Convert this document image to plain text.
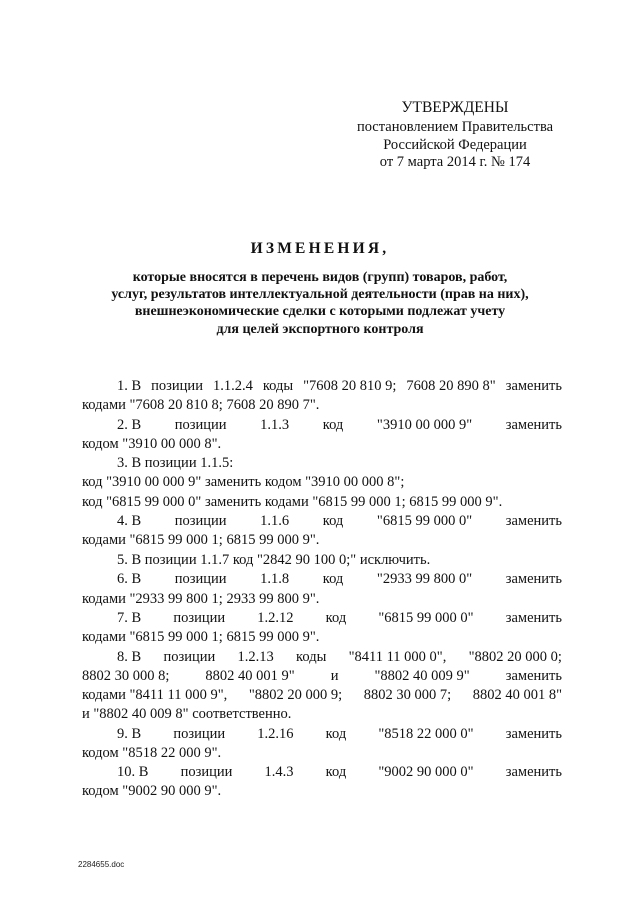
УТВЕРЖДЕНЫ
постановлением Правительства
Российской Федерации
от 7 марта 2014 г. № 174
ИЗМЕНЕНИЯ,
которые вносятся в перечень видов (групп) товаров, работ,
услуг, результатов интеллектуальной деятельности (прав на них),
внешнеэкономические сделки с которыми подлежат учету
для целей экспортного контроля
1. В позиции 1.1.2.4 коды "7608 20 810 9; 7608 20 890 8" заменить
кодами "7608 20 810 8; 7608 20 890 7".
2. В позиции 1.1.3 код "3910 00 000 9" заменить
кодом "3910 00 000 8".
3. В позиции 1.1.5:
код "3910 00 000 9" заменить кодом "3910 00 000 8";
код "6815 99 000 0" заменить кодами "6815 99 000 1; 6815 99 000 9".
4. В позиции 1.1.6 код "6815 99 000 0" заменить
кодами "6815 99 000 1; 6815 99 000 9".
5. В позиции 1.1.7 код "2842 90 100 0;" исключить.
6. В позиции 1.1.8 код "2933 99 800 0" заменить
кодами "2933 99 800 1; 2933 99 800 9".
7. В позиции 1.2.12 код "6815 99 000 0" заменить
кодами "6815 99 000 1; 6815 99 000 9".
8. В позиции 1.2.13 коды "8411 11 000 0", "8802 20 000 0;
8802 30 000 8; 8802 40 001 9" и "8802 40 009 9" заменить
кодами "8411 11 000 9", "8802 20 000 9; 8802 30 000 7; 8802 40 001 8"
и "8802 40 009 8" соответственно.
9. В позиции 1.2.16 код "8518 22 000 0" заменить
кодом "8518 22 000 9".
10. В позиции 1.4.3 код "9002 90 000 0" заменить
кодом "9002 90 000 9".
2284655.doc
